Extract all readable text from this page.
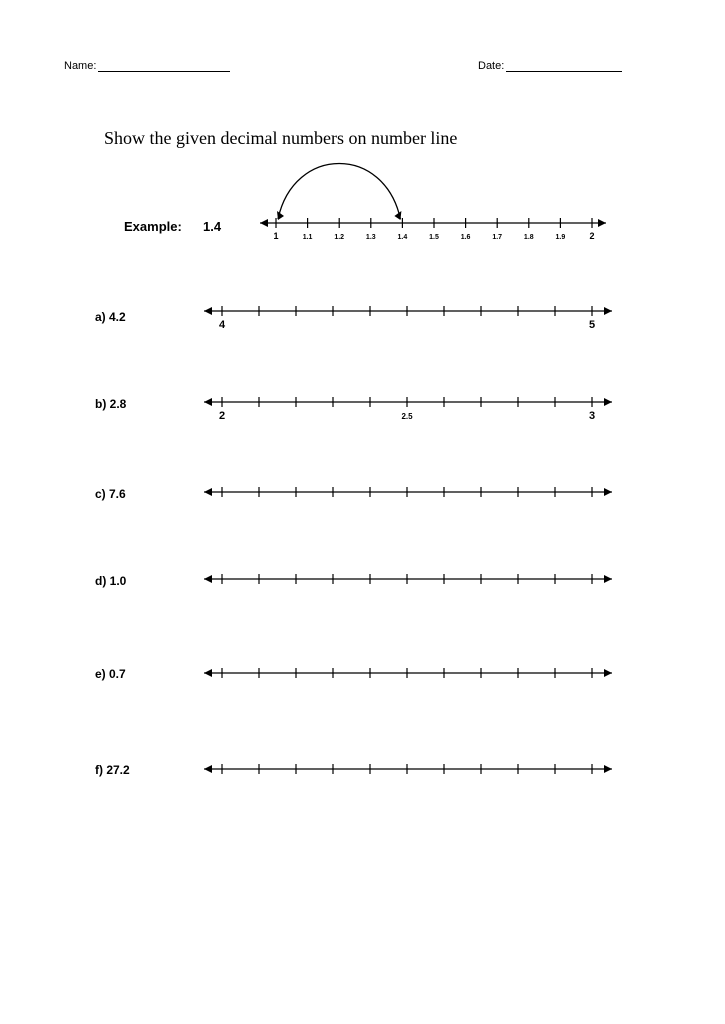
Name:	Date:
Show the given decimal numbers on number line
Example: 1.4
a) 4.2
b) 2.8
c) 7.6
d) 1.0
e) 0.7
f) 27.2
1	1.1	1.2	1.3	1.4	1.5	1.6	1.7	1.8	1.9	2
4	5
2	3
2.5
